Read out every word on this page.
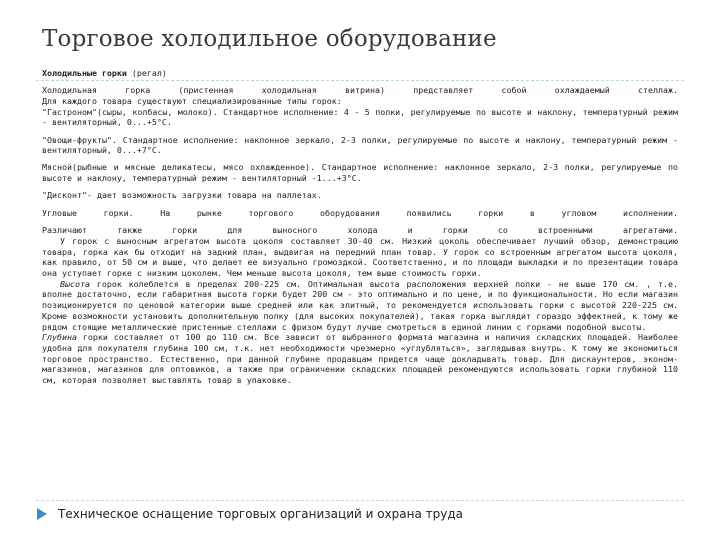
Торговое холодильное оборудование

Холодильные горки (регал)

Холодильная горка (пристенная холодильная витрина) представляет собой охлаждаемый стеллаж.

Для каждого товара существуют специализированные типы горок:

"Гастроном"(сыры, колбасы, молоко). Стандартное исполнение: 4 - 5 полки, регулируемые по высоте и наклону, температурный режим - вентиляторный, 0...+5°С.

"Овощи-фрукты". Стандартное исполнение: наклонное зеркало, 2-3 полки, регулируемые по высоте и наклону, температурный режим - вентиляторный, 0...+7°С.

Мясной(рыбные и мясные деликатесы, мясо охлажденное). Стандартное исполнение: наклонное зеркало, 2-3 полки, регулируемые по высоте и наклону, температурный режим - вентиляторный -1...+3°С.

"Дисконт"- дает возможность загрузки товара на паллетах.

Угловые горки. На рынке торгового оборудования появились горки в угловом исполнении.

Различают также горки для выносного холода и горки со встроенными агрегатами.

У горок с выносным агрегатом высота цоколя составляет 30-40 см. Низкий цоколь обеспечивает лучший обзор, демонстрацию товара, горка как бы отходит на задний план, выдвигая на передний план товар. У горок со встроенным агрегатом высота цоколя, как правило, от 50 см и выше, что делает ее визуально громоздкой. Соответственно, и по площади выкладки и по презентации товара она уступает горке с низким цоколем. Чем меньше высота цоколя, тем выше стоимость горки.

Высота горок колеблется в пределах 200-225 см. Оптимальная высота расположения верхней полки - не выше 170 см. , т.е. вполне достаточно, если габаритная высота горки будет 200 см - это оптимально и по цене, и по функциональности. Но если магазин позиционируется по ценовой категории выше средней или как элитный, то рекомендуется использовать горки с высотой 220-225 см. Кроме возможности установить дополнительную полку (для высоких покупателей), такая горка выглядит гораздо эффектней, к тому же рядом стоящие металлические пристенные стеллажи с фризом будут лучше смотреться в единой линии с горками подобной высоты.

Глубина горки составляет от 100 до 110 см. Все зависит от выбранного формата магазина и наличия складских площадей. Наиболее удобна для покупателя глубина 100 см, т.к. нет необходимости чрезмерно «углубляться», заглядывая внутрь. К тому же экономиться торговое пространство. Естественно, при данной глубине продавцам придется чаще докладывать товар. Для дискаунтеров, эконом-магазинов, магазинов для оптовиков, а также при ограничении складских площадей рекомендуются использовать горки глубиной 110 см, которая позволяет выставлять товар в упаковке.

Техническое оснащение торговых организаций и охрана труда
